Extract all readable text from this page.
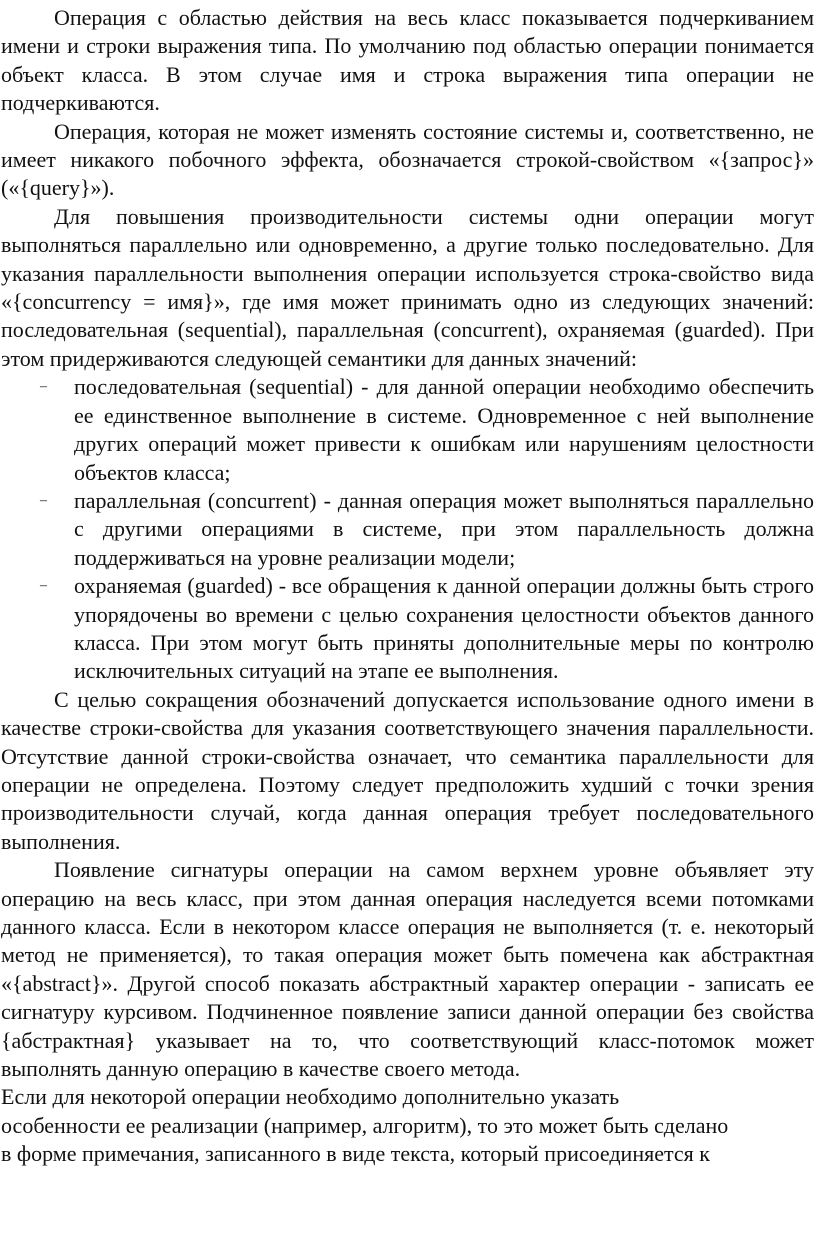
Операция с областью действия на весь класс показывается подчеркиванием имени и строки выражения типа. По умолчанию под областью операции понимается объект класса. В этом случае имя и строка выражения типа операции не подчеркиваются.

Операция, которая не может изменять состояние системы и, соответственно, не имеет никакого побочного эффекта, обозначается строкой-свойством «{запрос}» («{query}»).

Для повышения производительности системы одни операции могут выполняться параллельно или одновременно, а другие только последовательно. Для указания параллельности выполнения операции используется строка-свойство вида «{concurrency = имя}», где имя может принимать одно из следующих значений: последовательная (sequential), параллельная (concurrent), охраняемая (guarded). При этом придерживаются следующей семантики для данных значений:

–	последовательная (sequential) - для данной операции необходимо обеспечить ее единственное выполнение в системе. Одновременное с ней выполнение других операций может привести к ошибкам или нарушениям целостности объектов класса;
–	параллельная (concurrent) - данная операция может выполняться параллельно с другими операциями в системе, при этом параллельность должна поддерживаться на уровне реализации модели;
–	охраняемая (guarded) - все обращения к данной операции должны быть строго упорядочены во времени с целью сохранения целостности объектов данного класса. При этом могут быть приняты дополнительные меры по контролю исключительных ситуаций на этапе ее выполнения.

С целью сокращения обозначений допускается использование одного имени в качестве строки-свойства для указания соответствующего значения параллельности. Отсутствие данной строки-свойства означает, что семантика параллельности для операции не определена. Поэтому следует предположить худший с точки зрения производительности случай, когда данная операция требует последовательного выполнения.

Появление сигнатуры операции на самом верхнем уровне объявляет эту операцию на весь класс, при этом данная операция наследуется всеми потомками данного класса. Если в некотором классе операция не выполняется (т. е. некоторый метод не применяется), то такая операция может быть помечена как абстрактная «{abstract}». Другой способ показать абстрактный характер операции - записать ее сигнатуру курсивом. Подчиненное появление записи данной операции без свойства {абстрактная} указывает на то, что соответствующий класс-потомок может выполнять данную операцию в качестве своего метода.

Если для некоторой операции необходимо дополнительно указать
особенности ее реализации (например, алгоритм), то это может быть сделано
в форме примечания, записанного в виде текста, который присоединяется к
